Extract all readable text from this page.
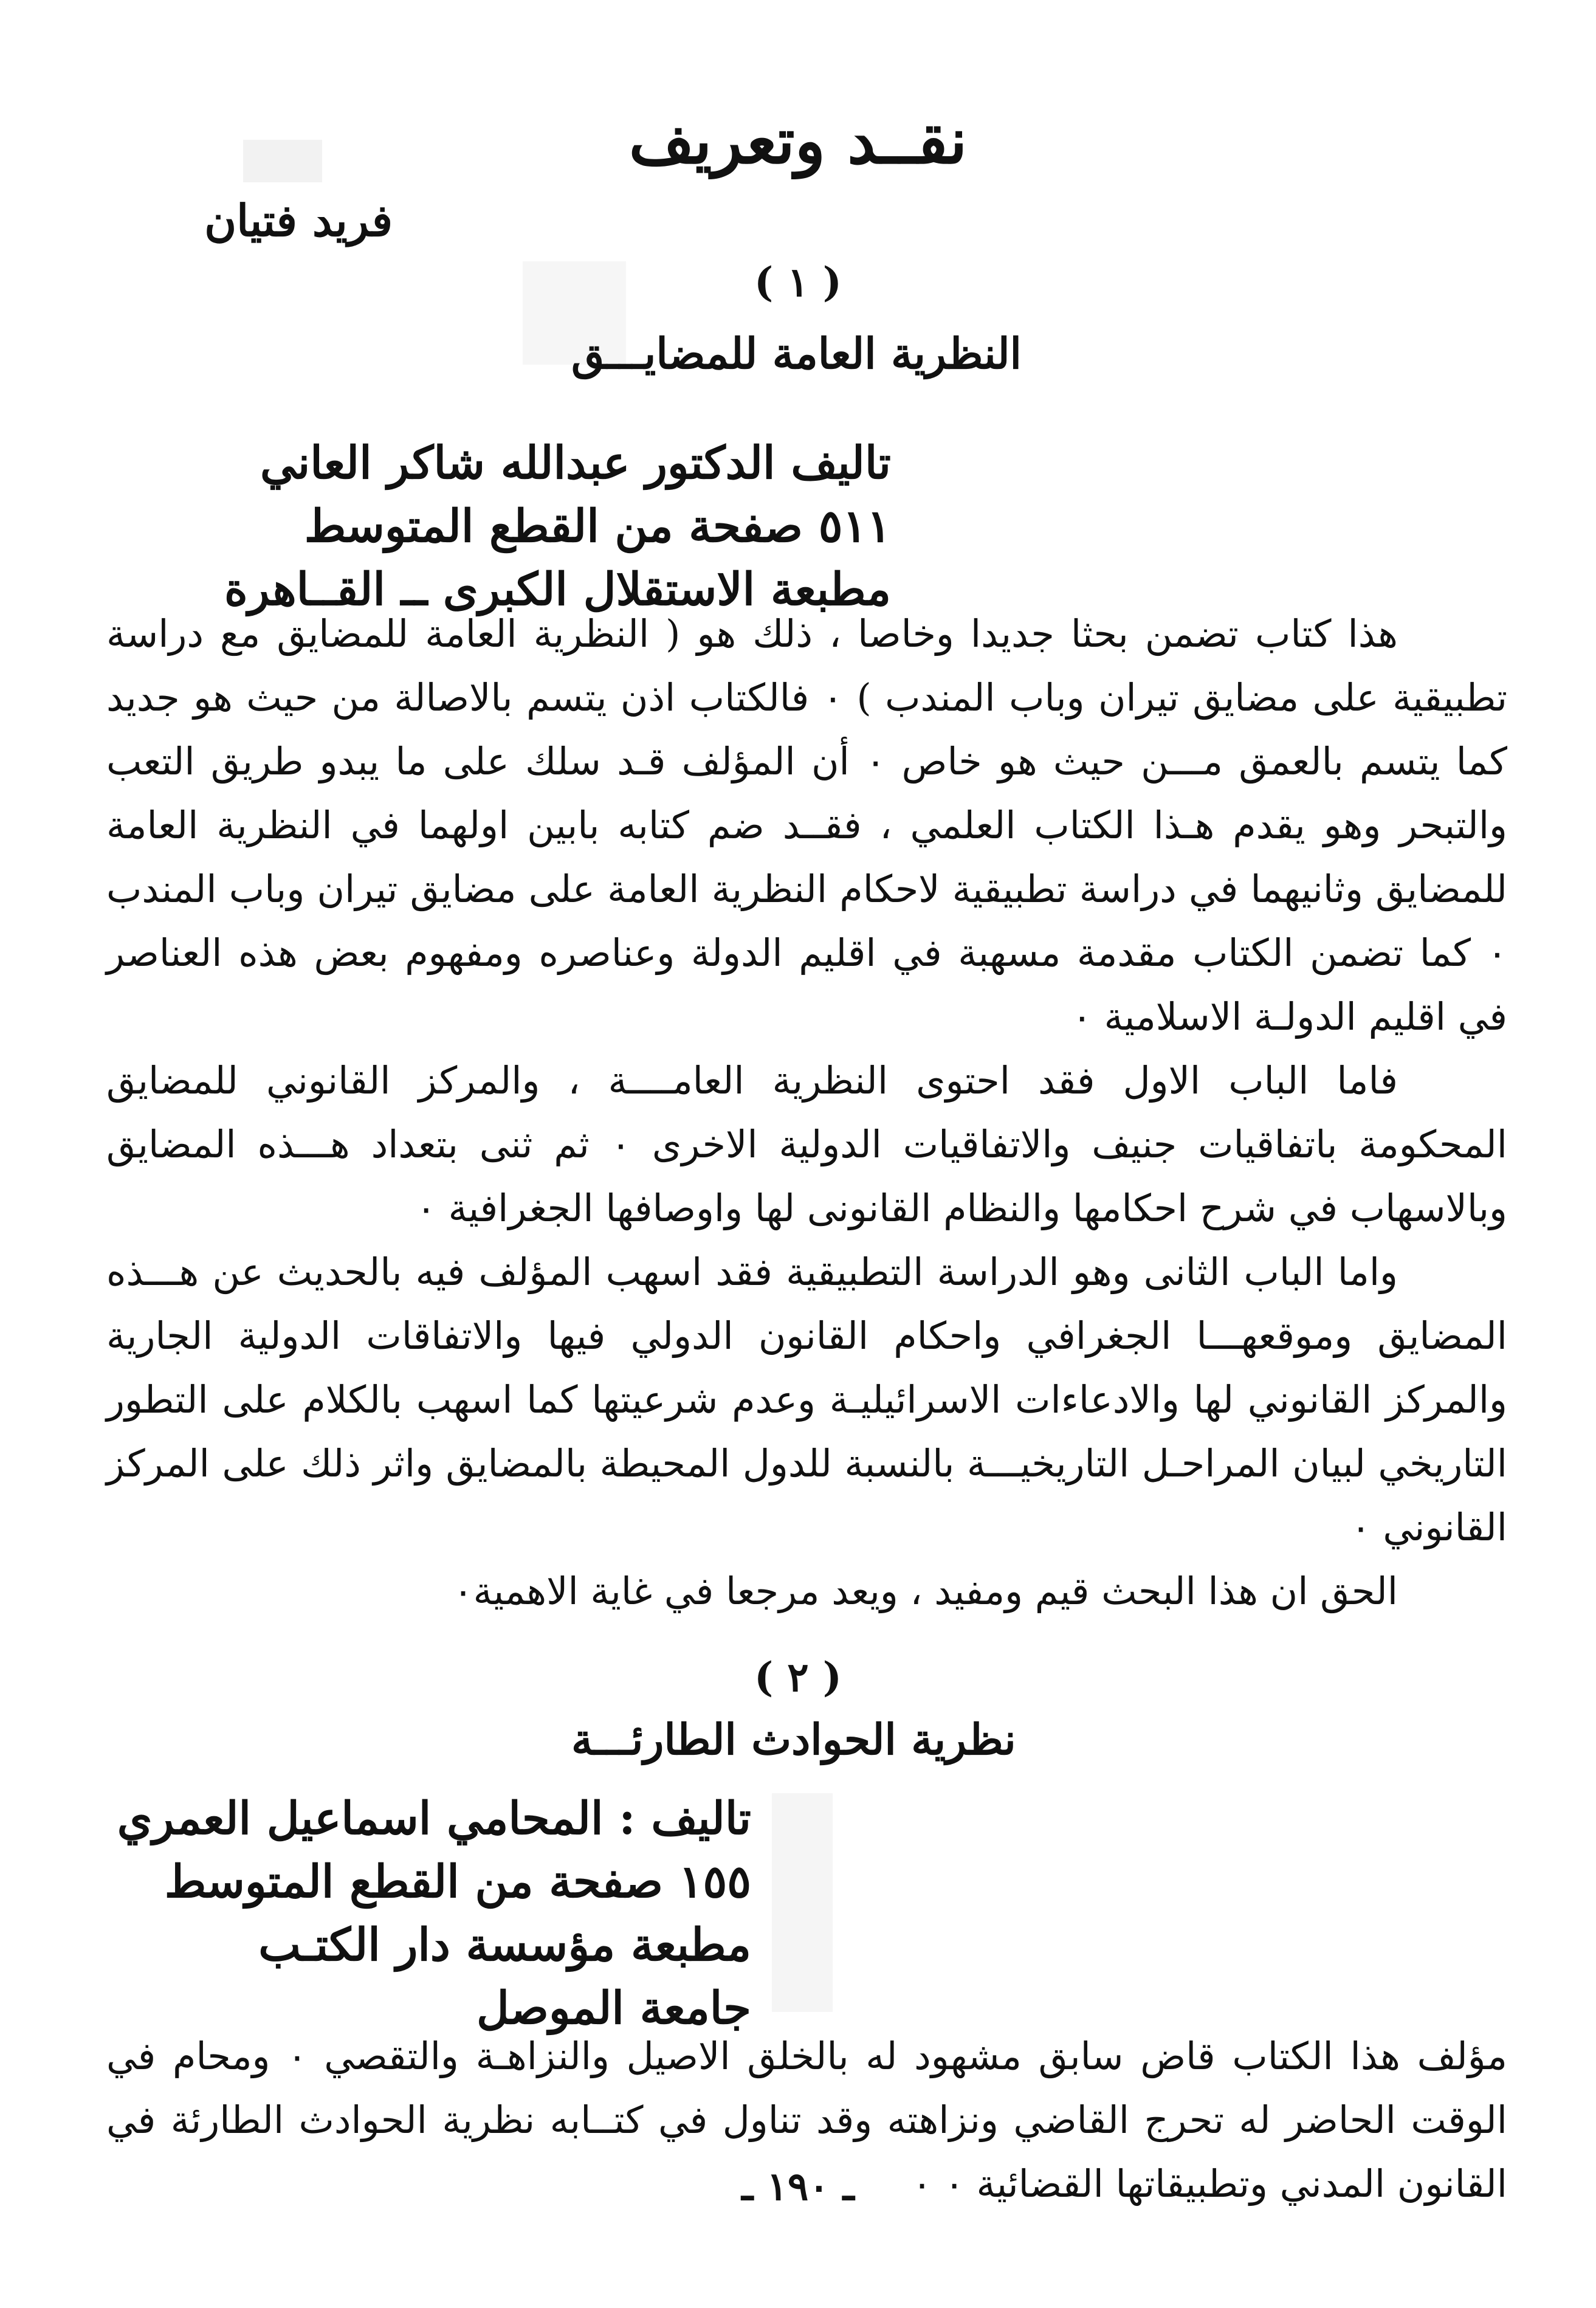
نقــد وتعريف
فريد فتيان
( ١ )
النظرية العامة للمضايـــق
تاليف الدكتور عبدالله شاكر العاني
٥١١ صفحة من القطع المتوسط
مطبعة الاستقلال الكبرى ــ القــاهرة

هذا كتاب تضمن بحثا جديدا وخاصا ، ذلك هو ( النظرية العامة للمضايق مع دراسة تطبيقية على مضايق تيران وباب المندب ) ٠ فالكتاب اذن يتسم بالاصالة من حيث هو جديد كما يتسم بالعمق مـــن حيث هو خاص ٠ أن المؤلف قـد سلك على ما يبدو طريق التعب والتبحر وهو يقدم هـذا الكتاب العلمي ، فقــد ضم كتابه بابين اولهما في النظرية العامة للمضايق وثانيهما في دراسة تطبيقية لاحكام النظرية العامة على مضايق تيران وباب المندب ٠ كما تضمن الكتاب مقدمة مسهبة في اقليم الدولة وعناصره ومفهوم بعض هذه العناصر في اقليم الدولـة الاسلامية ٠

فاما الباب الاول فقد احتوى النظرية العامــــة ، والمركز القانوني للمضايق المحكومة باتفاقيات جنيف والاتفاقيات الدولية الاخرى ٠ ثم ثنى بتعداد هـــذه المضايق وبالاسهاب في شرح احكامها والنظام القانونى لها واوصافها الجغرافية ٠

واما الباب الثانى وهو الدراسة التطبيقية فقد اسهب المؤلف فيه بالحديث عن هـــذه المضايق وموقعهـــا الجغرافي واحكام القانون الدولي فيها والاتفاقات الدولية الجارية والمركز القانوني لها والادعاءات الاسرائيليـة وعدم شرعيتها كما اسهب بالكلام على التطور التاريخي لبيان المراحـل التاريخيـــة بالنسبة للدول المحيطة بالمضايق واثر ذلك على المركز القانوني ٠

الحق ان هذا البحث قيم ومفيد ، ويعد مرجعا في غاية الاهمية٠

( ٢ )
نظرية الحوادث الطارئـــة
تاليف : المحامي اسماعيل العمري
١٥٥ صفحة من القطع المتوسط
مطبعة مؤسسة دار الكتـب
جامعة الموصل

مؤلف هذا الكتاب قاض سابق مشهود له بالخلق الاصيل والنزاهـة والتقصي ٠ ومحام في الوقت الحاضر له تحرج القاضي ونزاهته وقد تناول في كتــابه نظرية الحوادث الطارئة في القانون المدني وتطبيقاتها القضائية ٠ ٠

ـ ١٩٠ ـ
